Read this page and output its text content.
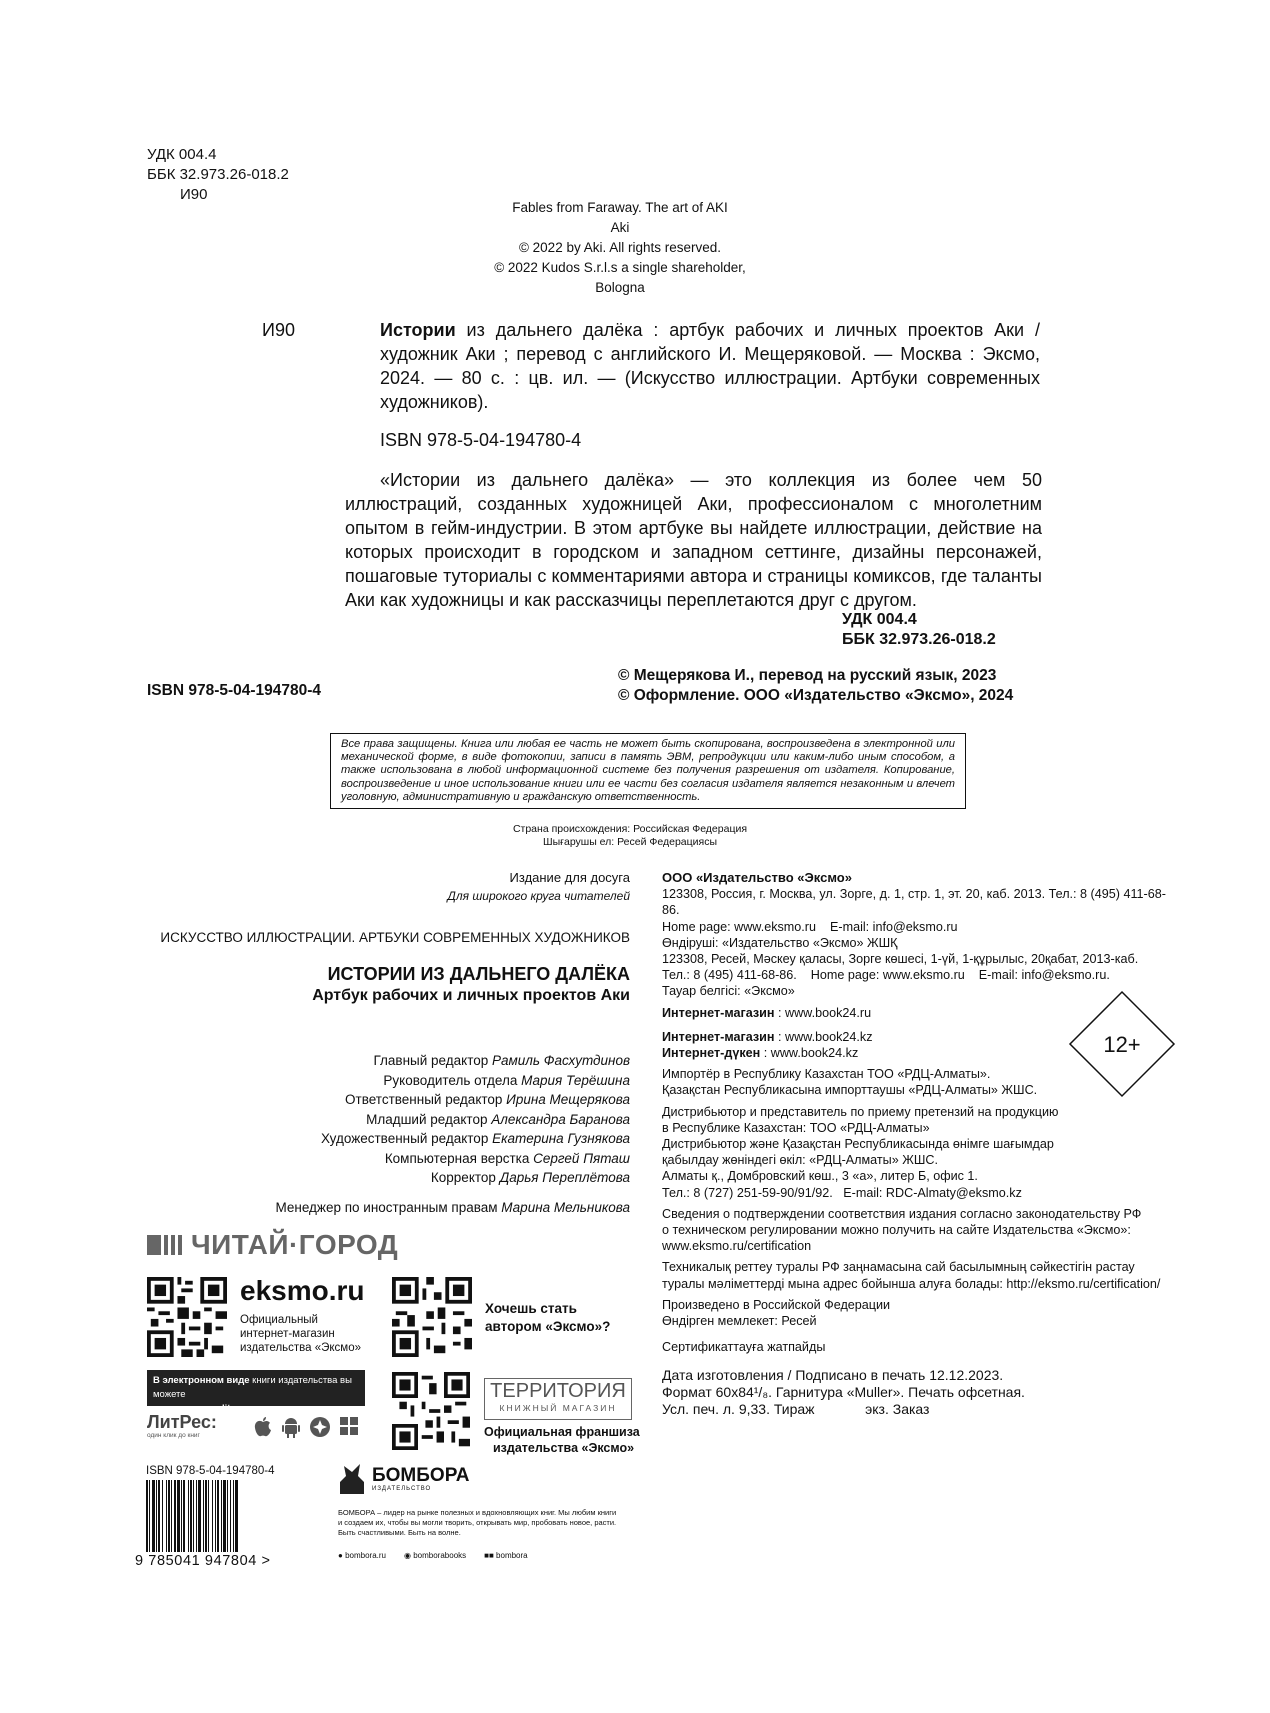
УДК 004.4
ББК 32.973.26-018.2
И90
Fables from Faraway. The art of AKI
Aki
© 2022 by Aki. All rights reserved.
© 2022 Kudos S.r.l.s a single shareholder, Bologna
И90	Истории из дальнего далёка : артбук рабочих и личных проектов Аки / художник Аки ; перевод с английского И. Мещеряковой. — Москва : Эксмо, 2024. — 80 с. : цв. ил. — (Искусство иллюстрации. Артбуки современных художников).
ISBN 978-5-04-194780-4
«Истории из дальнего далёка» — это коллекция из более чем 50 иллюстраций, созданных художницей Аки, профессионалом с многолетним опытом в гейм-индустрии. В этом артбуке вы найдете иллюстрации, действие на которых происходит в городском и западном сеттинге, дизайны персонажей, пошаговые туториалы с комментариями автора и страницы комиксов, где таланты Аки как художницы и как рассказчицы переплетаются друг с другом.
УДК 004.4
ББК 32.973.26-018.2
© Мещерякова И., перевод на русский язык, 2023
© Оформление. ООО «Издательство «Эксмо», 2024
ISBN 978-5-04-194780-4
Все права защищены. Книга или любая ее часть не может быть скопирована, воспроизведена в электронной или механической форме, в виде фотокопии, записи в память ЭВМ, репродукции или каким-либо иным способом, а также использована в любой информационной системе без получения разрешения от издателя. Копирование, воспроизведение и иное использование книги или ее части без согласия издателя является незаконным и влечет уголовную, административную и гражданскую ответственность.
Страна происхождения: Российская Федерация
Шығарушы ел: Ресей Федерациясы
Издание для досуга
Для широкого круга читателей
ИСКУССТВО ИЛЛЮСТРАЦИИ. АРТБУКИ СОВРЕМЕННЫХ ХУДОЖНИКОВ
ИСТОРИИ ИЗ ДАЛЬНЕГО ДАЛЁКА
Артбук рабочих и личных проектов Аки
Главный редактор Рамиль Фасхутдинов
Руководитель отдела Мария Терёшина
Ответственный редактор Ирина Мещерякова
Младший редактор Александра Баранова
Художественный редактор Екатерина Гузнякова
Компьютерная верстка Сергей Пяташ
Корректор Дарья Переплётова
Менеджер по иностранным правам Марина Мельникова
ООО «Издательство «Эксмо»
123308, Россия, г. Москва, ул. Зорге, д. 1, стр. 1, эт. 20, каб. 2013. Тел.: 8 (495) 411-68-86.
Home page: www.eksmo.ru    E-mail: info@eksmo.ru
Өндіруші: «Издательство «Эксмо» ЖШҚ
123308, Ресей, Мәскеу қаласы, Зорге көшесі, 1-үй, 1-құрылыс, 20қабат, 2013-каб.
Тел.: 8 (495) 411-68-86.    Home page: www.eksmo.ru    E-mail: info@eksmo.ru.
Тауар белгісі: «Эксмо»
Интернет-магазин : www.book24.ru
Интернет-магазин : www.book24.kz
Интернет-дүкен : www.book24.kz
Импортёр в Республику Казахстан ТОО «РДЦ-Алматы».
Қазақстан Республикасына импорттаушы «РДЦ-Алматы» ЖШС.
Дистрибьютор и представитель по приему претензий на продукцию
в Республике Казахстан: ТОО «РДЦ-Алматы»
Дистрибьютор және Қазақстан Республикасында өнімге шағымдар
қабылдау жөніндегі өкіл: «РДЦ-Алматы» ЖШС.
Алматы қ., Домбровский көш., 3 «а», литер Б, офис 1.
Тел.: 8 (727) 251-59-90/91/92.   E-mail: RDC-Almaty@eksmo.kz
Сведения о подтверждении соответствия издания согласно законодательству РФ
о техническом регулировании можно получить на сайте Издательства «Эксмо»:
www.eksmo.ru/certification
Техникалық реттеу туралы РФ заңнамасына сай басылымның сәйкестігін растау
туралы мәліметтерді мына адрес бойынша алуға болады: http://eksmo.ru/certification/
Произведено в Российской Федерации
Өндірген мемлекет: Ресей
Сертификаттауға жатпайды
Дата изготовления / Подписано в печать 12.12.2023.
Формат 60х84¹/₈. Гарнитура «Muller». Печать офсетная.
Усл. печ. л. 9,33. Тираж             экз. Заказ
12+
ЧИТАЙ·ГОРОД
eksmo.ru
Официальный
интернет-магазин
издательства «Эксмо»
Хочешь стать
автором «Эксмо»?
В электронном виде книги издательства вы можете
купить на www.litres.ru
ЛитРес:
один клик до книг
ТЕРРИТОРИЯ
КНИЖНЫЙ МАГАЗИН
Официальная франшиза
издательства «Эксмо»
ISBN 978-5-04-194780-4
9 785041 947804 >
БОМБОРА
ИЗДАТЕЛЬСТВО
БОМБОРА – лидер на рынке полезных и вдохновляющих книг. Мы любим книги и создаем их, чтобы вы могли творить, открывать мир, пробовать новое, расти. Быть счастливыми. Быть на волне.
● bombora.ru ◉ bomborabooks ■■ bombora
